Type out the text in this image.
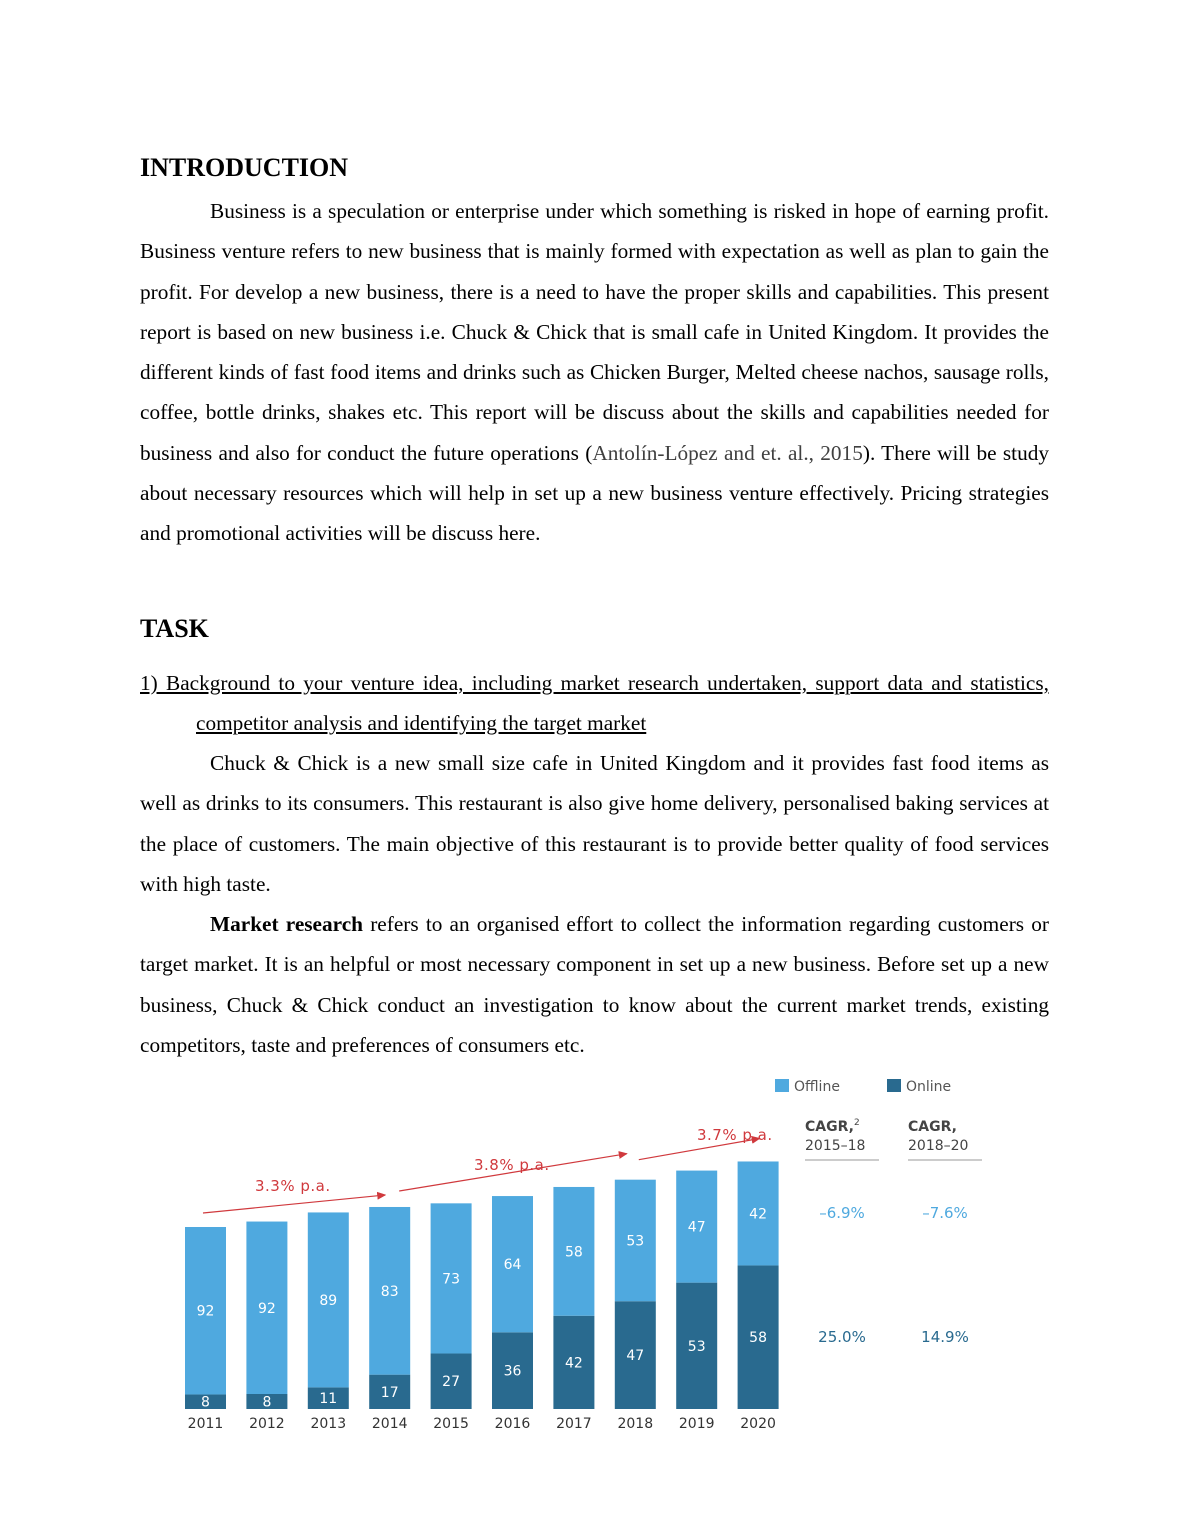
INTRODUCTION

Business is a speculation or enterprise under which something is risked in hope of earning profit. Business venture refers to new business that is mainly formed with expectation as well as plan to gain the profit. For develop a new business, there is a need to have the proper skills and capabilities. This present report is based on new business i.e. Chuck & Chick that is small cafe in United Kingdom. It provides the different kinds of fast food items and drinks such as Chicken Burger, Melted cheese nachos, sausage rolls, coffee, bottle drinks, shakes etc. This report will be discuss about the skills and capabilities needed for business and also for conduct the future operations (Antolín-López and et. al., 2015). There will be study about necessary resources which will help in set up a new business venture effectively. Pricing strategies and promotional activities will be discuss here.

TASK

1) Background to your venture idea, including market research undertaken, support data and statistics, competitor analysis and identifying the target market

Chuck & Chick is a new small size cafe in United Kingdom and it provides fast food items as well as drinks to its consumers. This restaurant is also give home delivery, personalised baking services at the place of customers. The main objective of this restaurant is to provide better quality of food services with high taste.

Market research refers to an organised effort to collect the information regarding customers or target market. It is an helpful or most necessary component in set up a new business. Before set up a new business, Chuck & Chick conduct an investigation to know about the current market trends, existing competitors, taste and preferences of consumers etc.

8
92
2011
8
92
2012
11
89
2013
17
83
2014
27
73
2015
36
64
2016
42
58
2017
47
53
2018
53
47
2019
58
42
2020
3.3% p.a.
3.8% p.a.
3.7% p.a.
Offline	Online
CAGR,$^2$
2015–18
–6.9%
25.0%
CAGR,
2018–20
–7.6%
14.9%
